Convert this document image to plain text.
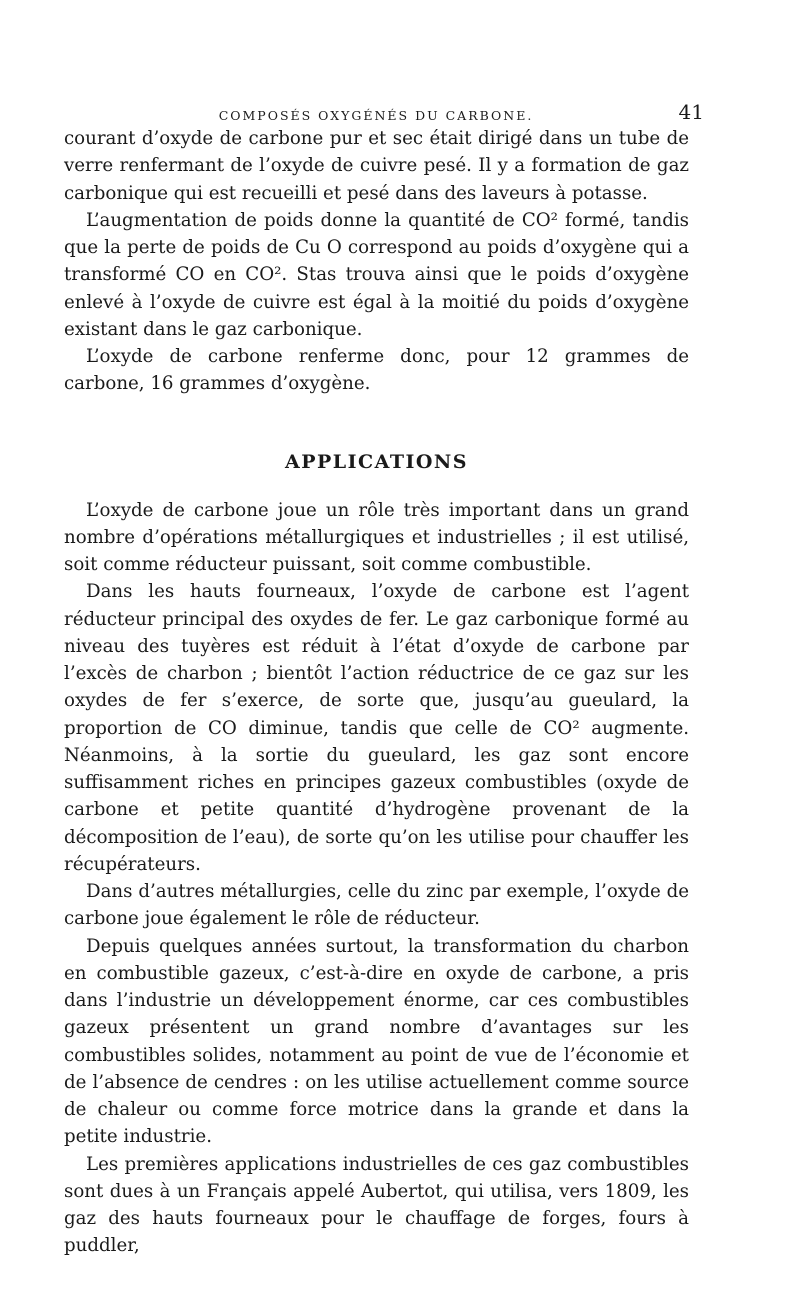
COMPOSÉS OXYGÉNÉS DU CARBONE.	41

courant d’oxyde de carbone pur et sec était dirigé dans un tube de verre renfermant de l’oxyde de cuivre pesé. Il y a formation de gaz carbonique qui est recueilli et pesé dans des laveurs à potasse.

L’augmentation de poids donne la quantité de CO² formé, tandis que la perte de poids de Cu O correspond au poids d’oxygène qui a transformé CO en CO². Stas trouva ainsi que le poids d’oxygène enlevé à l’oxyde de cuivre est égal à la moitié du poids d’oxygène existant dans le gaz carbonique.

L’oxyde de carbone renferme donc, pour 12 grammes de carbone, 16 grammes d’oxygène.

APPLICATIONS

L’oxyde de carbone joue un rôle très important dans un grand nombre d’opérations métallurgiques et industrielles ; il est utilisé, soit comme réducteur puissant, soit comme combustible.

Dans les hauts fourneaux, l’oxyde de carbone est l’agent réducteur principal des oxydes de fer. Le gaz carbonique formé au niveau des tuyères est réduit à l’état d’oxyde de carbone par l’excès de charbon ; bientôt l’action réductrice de ce gaz sur les oxydes de fer s’exerce, de sorte que, jusqu’au gueulard, la proportion de CO diminue, tandis que celle de CO² augmente. Néanmoins, à la sortie du gueulard, les gaz sont encore suffisamment riches en principes gazeux combustibles (oxyde de carbone et petite quantité d’hydrogène provenant de la décomposition de l’eau), de sorte qu’on les utilise pour chauffer les récupérateurs.

Dans d’autres métallurgies, celle du zinc par exemple, l’oxyde de carbone joue également le rôle de réducteur.

Depuis quelques années surtout, la transformation du charbon en combustible gazeux, c’est-à-dire en oxyde de carbone, a pris dans l’industrie un développement énorme, car ces combustibles gazeux présentent un grand nombre d’avantages sur les combustibles solides, notamment au point de vue de l’économie et de l’absence de cendres : on les utilise actuellement comme source de chaleur ou comme force motrice dans la grande et dans la petite industrie.

Les premières applications industrielles de ces gaz combustibles sont dues à un Français appelé Aubertot, qui utilisa, vers 1809, les gaz des hauts fourneaux pour le chauffage de forges, fours à puddler,
